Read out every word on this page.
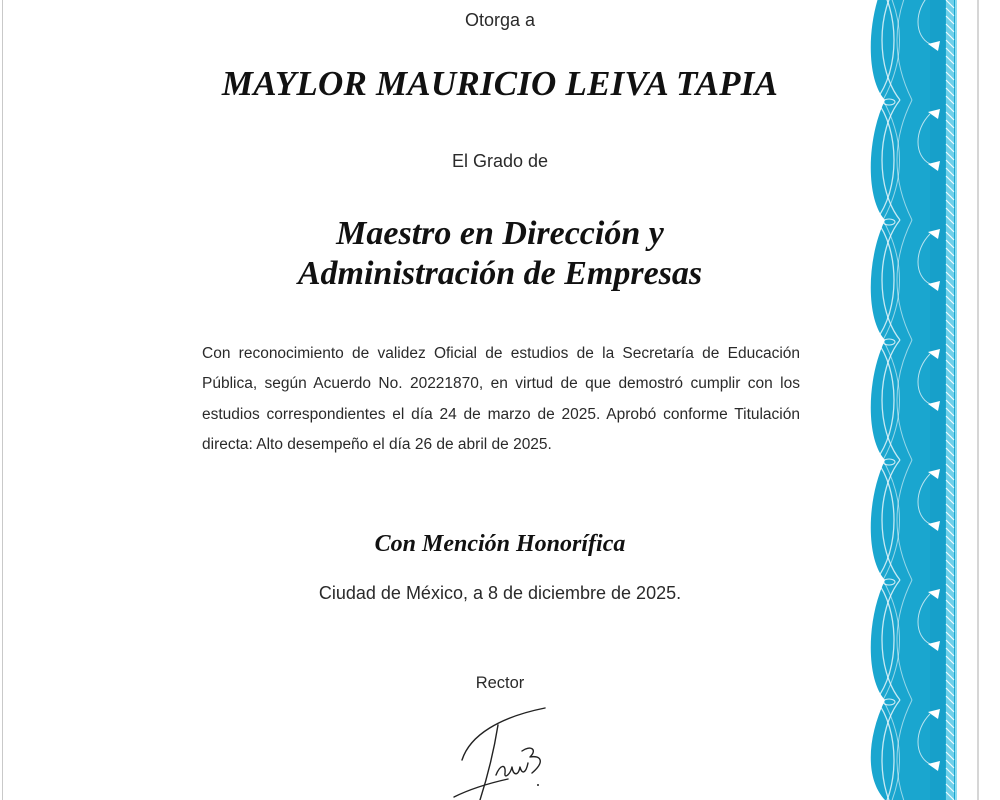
Otorga a
MAYLOR MAURICIO LEIVA TAPIA
El Grado de
Maestro en Dirección y
Administración de Empresas
Con reconocimiento de validez Oficial de estudios de la Secretaría de Educación Pública, según Acuerdo No. 20221870, en virtud de que demostró cumplir con los estudios correspondientes el día 24 de marzo de 2025. Aprobó conforme Titulación directa: Alto desempeño el día 26 de abril de 2025.
Con Mención Honorífica
Ciudad de México, a 8 de diciembre de 2025.
Rector
